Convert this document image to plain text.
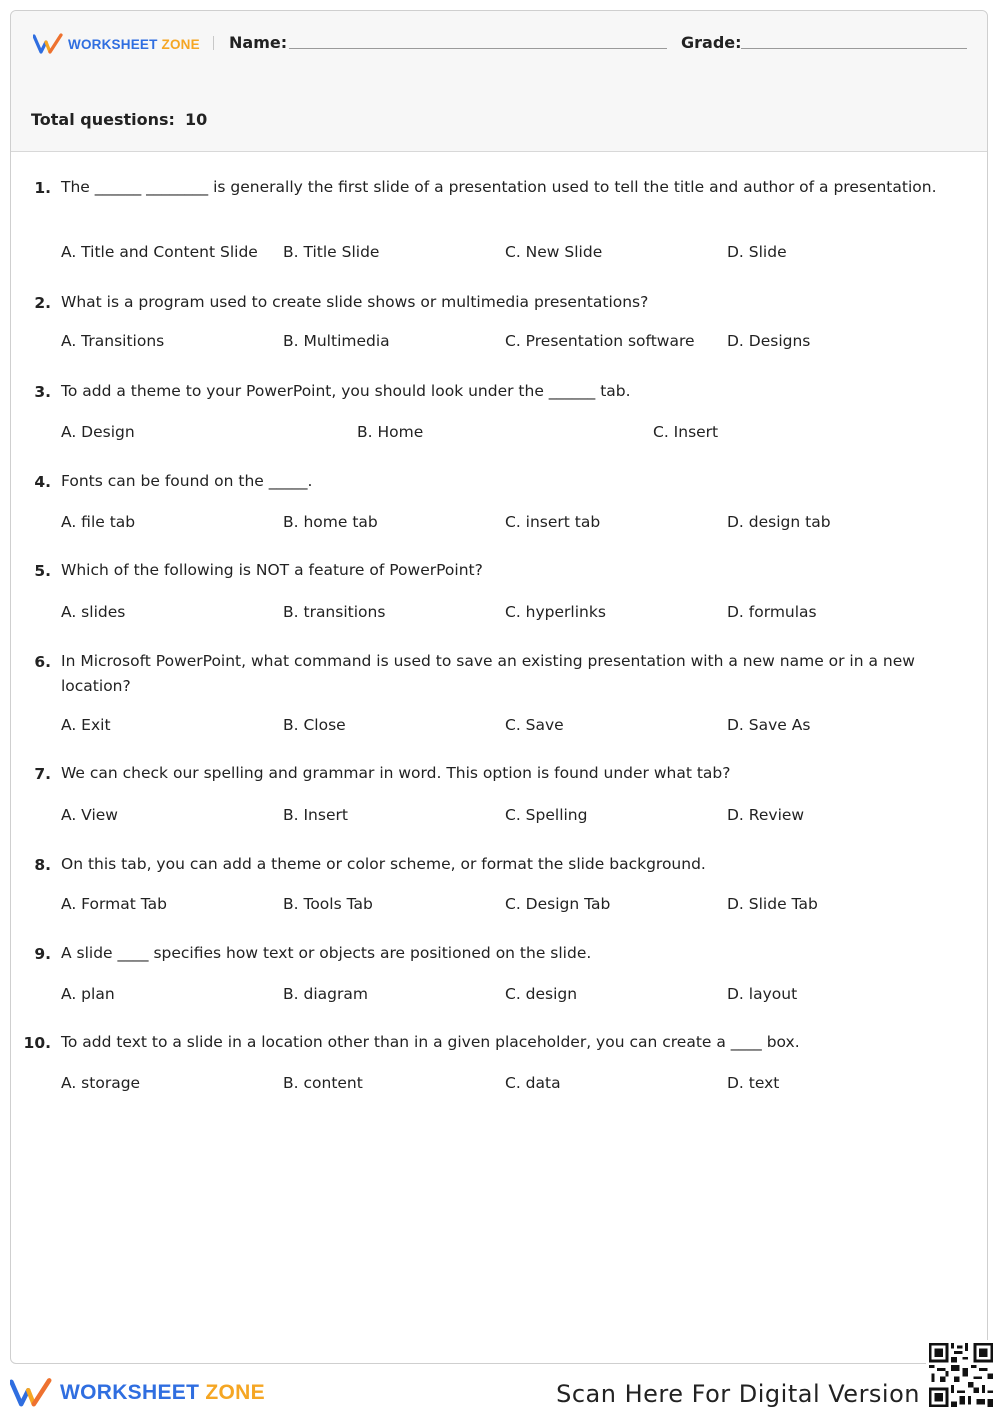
WORKSHEET ZONE Name:	Grade:
Total questions: 10
1. The ______ ________ is generally the first slide of a presentation used to tell the title and author of a presentation.
A. Title and Content Slide B. Title Slide	C. New Slide	D. Slide
2. What is a program used to create slide shows or multimedia presentations?
A. Transitions	B. Multimedia	C. Presentation software D. Designs
3. To add a theme to your PowerPoint, you should look under the ______ tab.
A. Design	B. Home	C. Insert
4. Fonts can be found on the _____.
A. file tab	B. home tab	C. insert tab	D. design tab
5. Which of the following is NOT a feature of PowerPoint?
A. slides	B. transitions	C. hyperlinks	D. formulas
6. In Microsoft PowerPoint, what command is used to save an existing presentation with a new name or in a new location?
A. Exit	B. Close	C. Save	D. Save As
7. We can check our spelling and grammar in word. This option is found under what tab?
A. View	B. Insert	C. Spelling	D. Review
8. On this tab, you can add a theme or color scheme, or format the slide background.
A. Format Tab	B. Tools Tab	C. Design Tab	D. Slide Tab
9. A slide ____ specifies how text or objects are positioned on the slide.
A. plan	B. diagram	C. design	D. layout
10. To add text to a slide in a location other than in a given placeholder, you can create a ____ box.
A. storage	B. content	C. data	D. text
WORKSHEET ZONE	Scan Here For Digital Version
